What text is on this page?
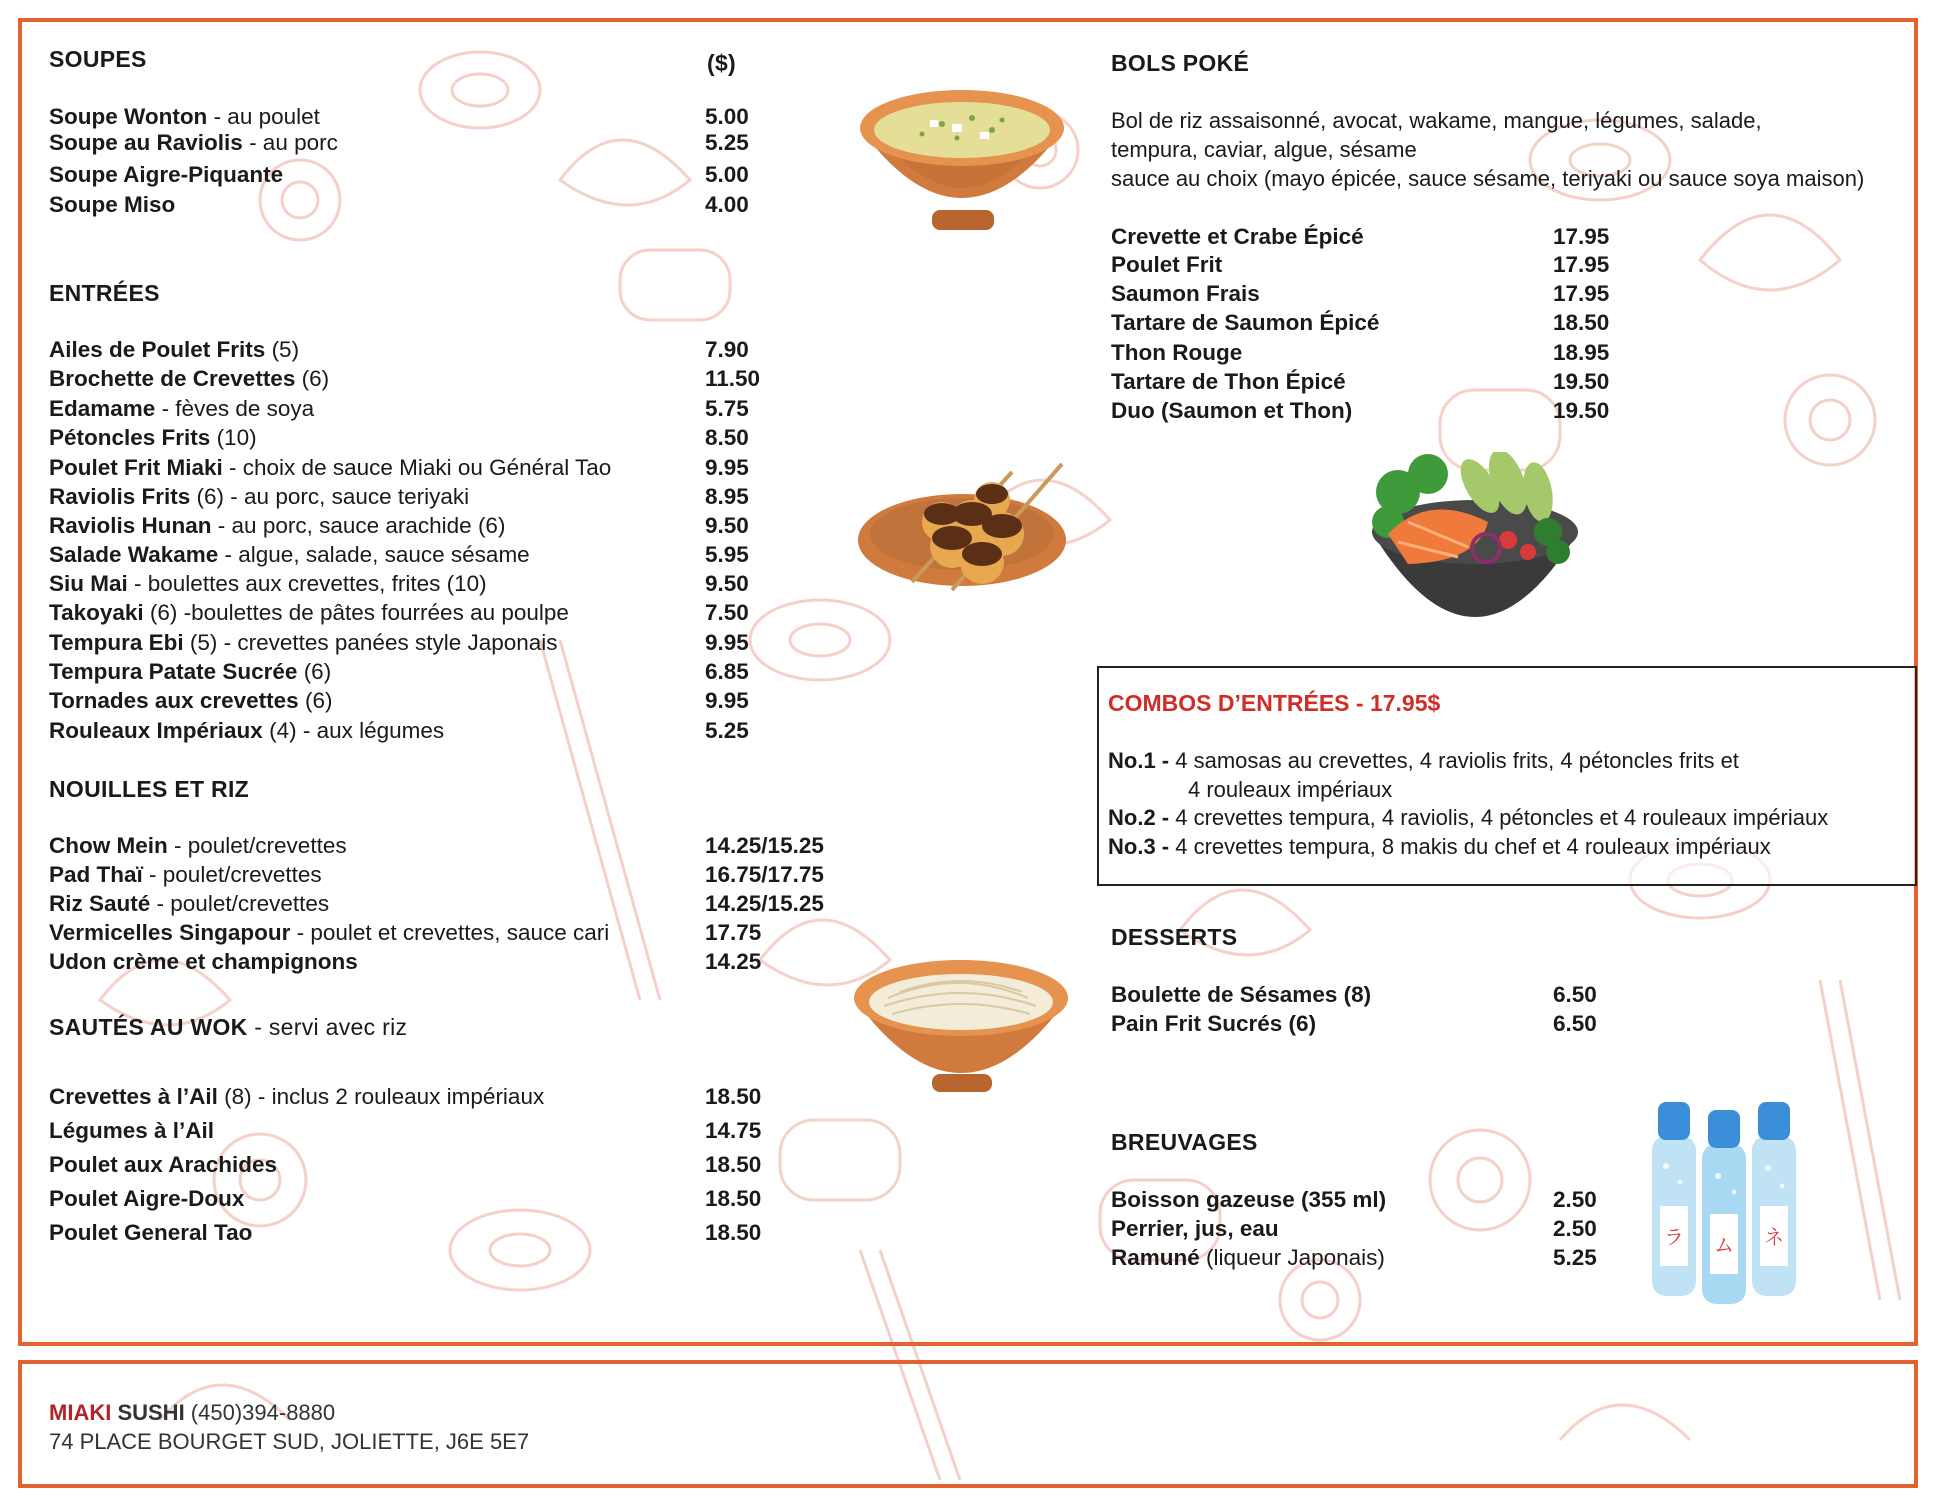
SOUPES	($)
Soupe Wonton - au poulet	5.00
Soupe au Raviolis - au porc	5.25
Soupe Aigre-Piquante	5.00
Soupe Miso	4.00
ENTRÉES
Ailes de Poulet Frits (5)	7.90
Brochette de Crevettes (6)	11.50
Edamame - fèves de soya	5.75
Pétoncles Frits (10)	8.50
Poulet Frit Miaki - choix de sauce Miaki ou Général Tao	9.95
Raviolis Frits (6) - au porc, sauce teriyaki	8.95
Raviolis Hunan - au porc, sauce arachide (6)	9.50
Salade Wakame - algue, salade, sauce sésame	5.95
Siu Mai - boulettes aux crevettes, frites (10)	9.50
Takoyaki (6) -boulettes de pâtes fourrées au poulpe	7.50
Tempura Ebi (5) - crevettes panées style Japonais	9.95
Tempura Patate Sucrée (6)	6.85
Tornades aux crevettes (6)	9.95
Rouleaux Impériaux (4) - aux légumes	5.25
NOUILLES ET RIZ
Chow Mein - poulet/crevettes	14.25/15.25
Pad Thaï - poulet/crevettes	16.75/17.75
Riz Sauté - poulet/crevettes	14.25/15.25
Vermicelles Singapour - poulet et crevettes, sauce cari	17.75
Udon crème et champignons	14.25
SAUTÉS AU WOK - servi avec riz
Crevettes à l’Ail (8) - inclus 2 rouleaux impériaux	18.50
Légumes à l’Ail	14.75
Poulet aux Arachides	18.50
Poulet Aigre-Doux	18.50
Poulet General Tao	18.50
BOLS POKÉ
Bol de riz assaisonné, avocat, wakame, mangue, légumes, salade,
tempura, caviar, algue, sésame
sauce au choix (mayo épicée, sauce sésame, teriyaki ou sauce soya maison)
Crevette et Crabe Épicé	17.95
Poulet Frit	17.95
Saumon Frais	17.95
Tartare de Saumon Épicé	18.50
Thon Rouge	18.95
Tartare de Thon Épicé	19.50
Duo (Saumon et Thon)	19.50
COMBOS D’ENTRÉES - 17.95$
No.1 - 4 samosas au crevettes, 4 raviolis frits, 4 pétoncles frits et
4 rouleaux impériaux
No.2 - 4 crevettes tempura, 4 raviolis, 4 pétoncles et 4 rouleaux impériaux
No.3 - 4 crevettes tempura, 8 makis du chef et 4 rouleaux impériaux
DESSERTS
Boulette de Sésames (8)	6.50
Pain Frit Sucrés (6)	6.50
BREUVAGES
Boisson gazeuse (355 ml)	2.50
Perrier, jus, eau	2.50
Ramuné (liqueur Japonais)	5.25
ラ ム ネ
MIAKI SUSHI (450)394-8880
74 PLACE BOURGET SUD, JOLIETTE, J6E 5E7
